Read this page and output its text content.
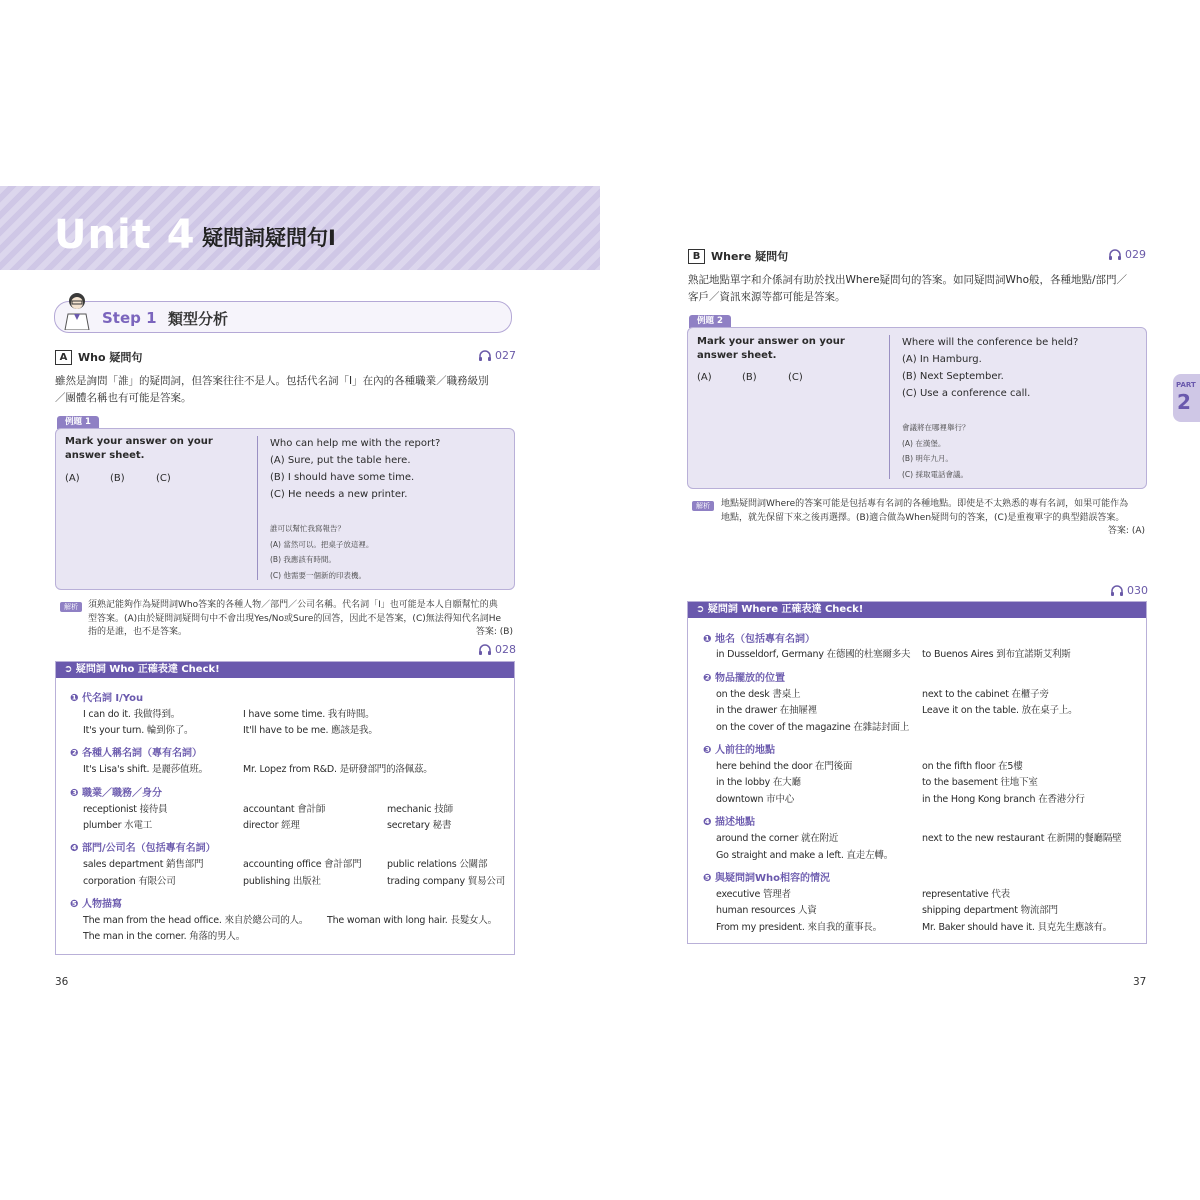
Unit 4 疑問詞疑問句I
Step 1 類型分析
A Who 疑問句	027
雖然是詢問「誰」的疑問詞，但答案往往不是人。包括代名詞「I」在內的各種職業／職務級別
／團體名稱也有可能是答案。
例題 1
Mark your answer on your
answer sheet.
(A)	(B)	(C)
Who can help me with the report?
(A) Sure, put the table here.
(B) I should have some time.
(C) He needs a new printer.
誰可以幫忙我寫報告？
(A) 當然可以。把桌子放這裡。
(B) 我應該有時間。
(C) 他需要一個新的印表機。
解析	須熟記能夠作為疑問詞Who答案的各種人物／部門／公司名稱。代名詞「I」也可能是本人自願幫忙的典
型答案。(A)由於疑問詞疑問句中不會出現Yes/No或Sure的回答，因此不是答案，(C)無法得知代名詞He
指的是誰，也不是答案。	答案: (B)
028
➲ 疑問詞 Who 正確表達 Check!
❶ 代名詞 I/You
I can do it. 我做得到。	I have some time. 我有時間。
It's your turn. 輪到你了。	It'll have to be me. 應該是我。
❷ 各種人稱名詞（專有名詞）
It's Lisa's shift. 是麗莎值班。	Mr. Lopez from R&D. 是研發部門的洛佩茲。
❸ 職業／職務／身分
receptionist 接待員	accountant 會計師	mechanic 技師
plumber 水電工	director 經理	secretary 秘書
❹ 部門/公司名（包括專有名詞）
sales department 銷售部門	accounting office 會計部門	public relations 公關部
corporation 有限公司	publishing 出版社	trading company 貿易公司
❺ 人物描寫
The man from the head office. 來自於總公司的人。 The woman with long hair. 長髮女人。
The man in the corner. 角落的男人。
36
B Where 疑問句	029
熟記地點單字和介係詞有助於找出Where疑問句的答案。如同疑問詞Who般，各種地點/部門／
客戶／資訊來源等都可能是答案。
例題 2
Mark your answer on your
answer sheet.
(A)	(B)	(C)
Where will the conference be held?
(A) In Hamburg.
(B) Next September.
(C) Use a conference call.
會議將在哪裡舉行？
(A) 在漢堡。
(B) 明年九月。
(C) 採取電話會議。
解析	地點疑問詞Where的答案可能是包括專有名詞的各種地點。即使是不太熟悉的專有名詞，如果可能作為
地點，就先保留下來之後再選擇。(B)適合做為When疑問句的答案，(C)是重複單字的典型錯誤答案。
答案: (A)
030
➲ 疑問詞 Where 正確表達 Check!
❶ 地名（包括專有名詞）
in Dusseldorf, Germany 在德國的杜塞爾多夫 to Buenos Aires 到布宜諾斯艾利斯
❷ 物品擺放的位置
on the desk 書桌上	next to the cabinet 在櫃子旁
in the drawer 在抽屜裡	Leave it on the table. 放在桌子上。
on the cover of the magazine 在雜誌封面上
❸ 人前往的地點
here behind the door 在門後面	on the fifth floor 在5樓
in the lobby 在大廳	to the basement 往地下室
downtown 市中心	in the Hong Kong branch 在香港分行
❹ 描述地點
around the corner 就在附近	next to the new restaurant 在新開的餐廳隔壁
Go straight and make a left. 直走左轉。
❺ 與疑問詞Who相容的情況
executive 管理者	representative 代表
human resources 人資	shipping department 物流部門
From my president. 來自我的董事長。	Mr. Baker should have it. 貝克先生應該有。
PART
2
37
